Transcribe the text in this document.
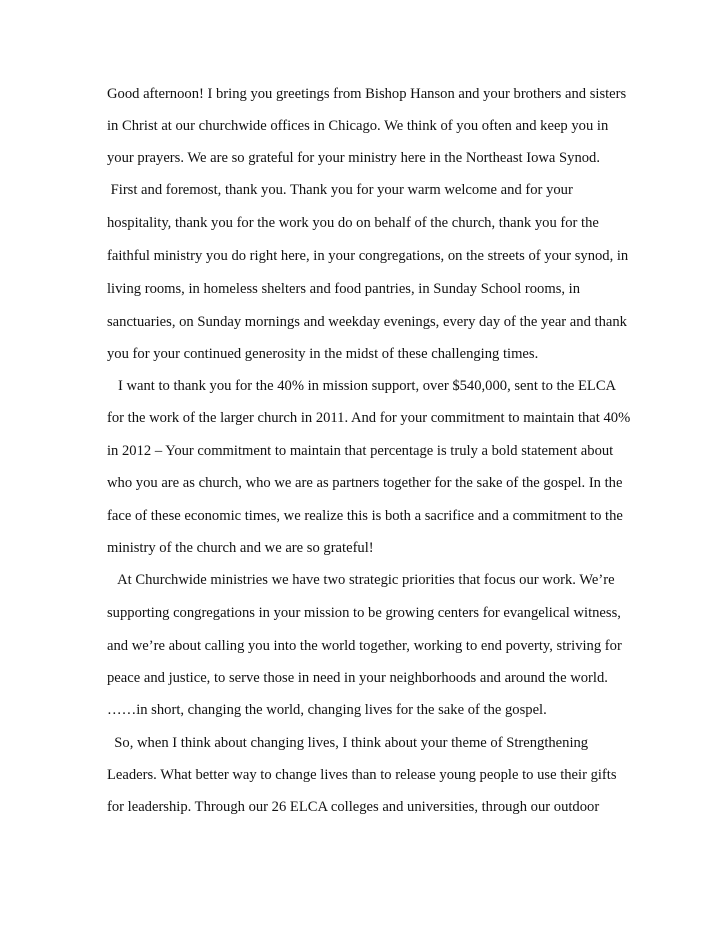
Good afternoon! I bring you greetings from Bishop Hanson and your brothers and sisters
in Christ at our churchwide offices in Chicago. We think of you often and keep you in
your prayers. We are so grateful for your ministry here in the Northeast Iowa Synod.
First and foremost, thank you. Thank you for your warm welcome and for your
hospitality, thank you for the work you do on behalf of the church, thank you for the
faithful ministry you do right here, in your congregations, on the streets of your synod, in
living rooms, in homeless shelters and food pantries, in Sunday School rooms, in
sanctuaries, on Sunday mornings and weekday evenings, every day of the year and thank
you for your continued generosity in the midst of these challenging times.
I want to thank you for the 40% in mission support, over $540,000, sent to the ELCA
for the work of the larger church in 2011. And for your commitment to maintain that 40%
in 2012 – Your commitment to maintain that percentage is truly a bold statement about
who you are as church, who we are as partners together for the sake of the gospel. In the
face of these economic times, we realize this is both a sacrifice and a commitment to the
ministry of the church and we are so grateful!
At Churchwide ministries we have two strategic priorities that focus our work. We’re
supporting congregations in your mission to be growing centers for evangelical witness,
and we’re about calling you into the world together, working to end poverty, striving for
peace and justice, to serve those in need in your neighborhoods and around the world.
……in short, changing the world, changing lives for the sake of the gospel.
So, when I think about changing lives, I think about your theme of Strengthening
Leaders. What better way to change lives than to release young people to use their gifts
for leadership. Through our 26 ELCA colleges and universities, through our outdoor
